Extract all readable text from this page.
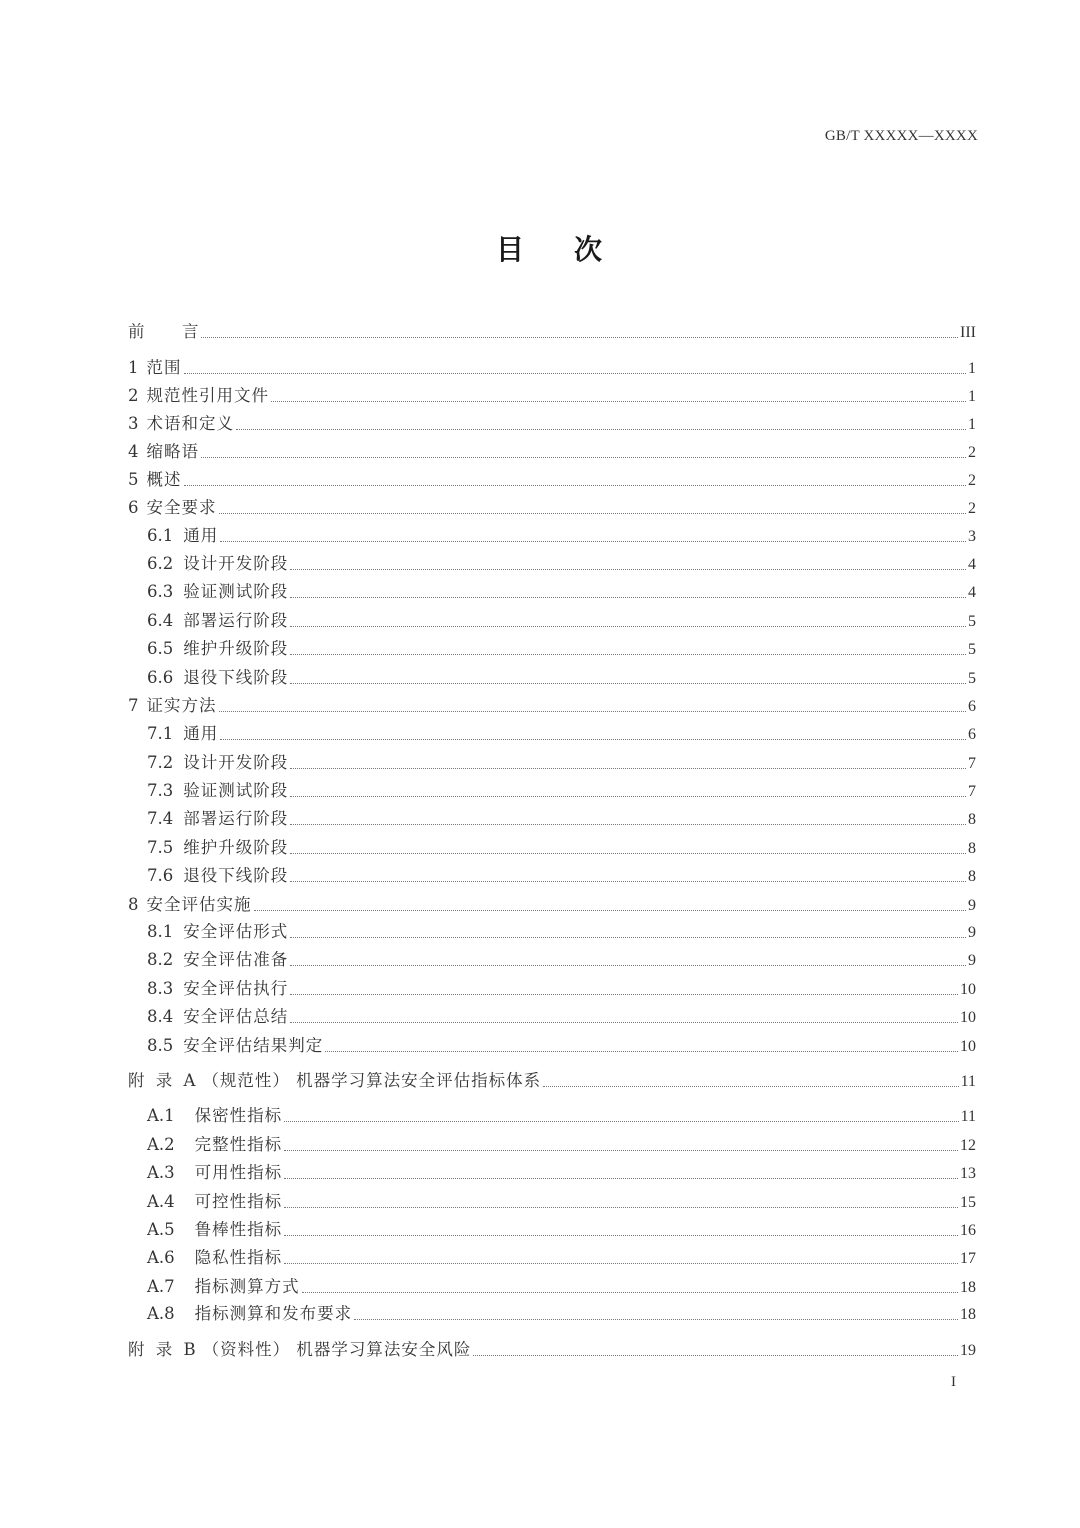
GB/T XXXXX—XXXX
目 次
前 言	III
1 范围	1
2 规范性引用文件	1
3 术语和定义	1
4 缩略语	2
5 概述	2
6 安全要求	2
6.1 通用	3
6.2 设计开发阶段	4
6.3 验证测试阶段	4
6.4 部署运行阶段	5
6.5 维护升级阶段	5
6.6 退役下线阶段	5
7 证实方法	6
7.1 通用	6
7.2 设计开发阶段	7
7.3 验证测试阶段	7
7.4 部署运行阶段	8
7.5 维护升级阶段	8
7.6 退役下线阶段	8
8 安全评估实施	9
8.1 安全评估形式	9
8.2 安全评估准备	9
8.3 安全评估执行	10
8.4 安全评估总结	10
8.5 安全评估结果判定	10
附 录 A （规范性） 机器学习算法安全评估指标体系	11
A.1 保密性指标	11
A.2 完整性指标	12
A.3 可用性指标	13
A.4 可控性指标	15
A.5 鲁棒性指标	16
A.6 隐私性指标	17
A.7 指标测算方式	18
A.8 指标测算和发布要求	18
附 录 B （资料性） 机器学习算法安全风险	19
I
